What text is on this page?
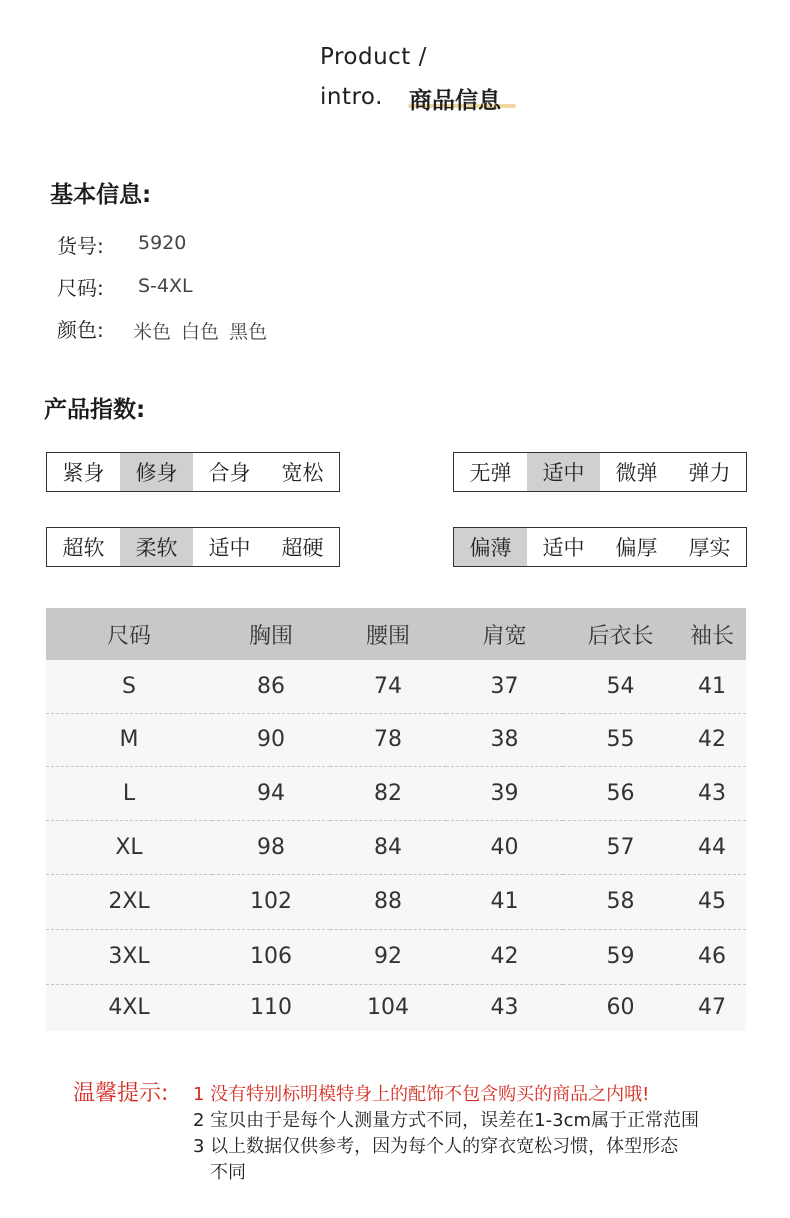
Product /
intro. 商品信息
基本信息:
货号: 5920
尺码: S-4XL
颜色: 米色 白色 黑色
产品指数:
紧身	修身	合身	宽松	无弹	适中	微弹	弹力
超软	柔软	适中	超硬	偏薄	适中	偏厚	厚实
尺码	胸围	腰围	肩宽	后衣长	袖长
S	86	74	37	54	41
M	90	78	38	55	42
L	94	82	39	56	43
XL	98	84	40	57	44
2XL	102	88	41	58	45
3XL	106	92	42	59	46
4XL	110	104	43	60	47
温馨提示: 1 没有特别标明模特身上的配饰不包含购买的商品之内哦!
2 宝贝由于是每个人测量方式不同，误差在1-3cm属于正常范围
3 以上数据仅供参考，因为每个人的穿衣宽松习惯，体型形态
不同
